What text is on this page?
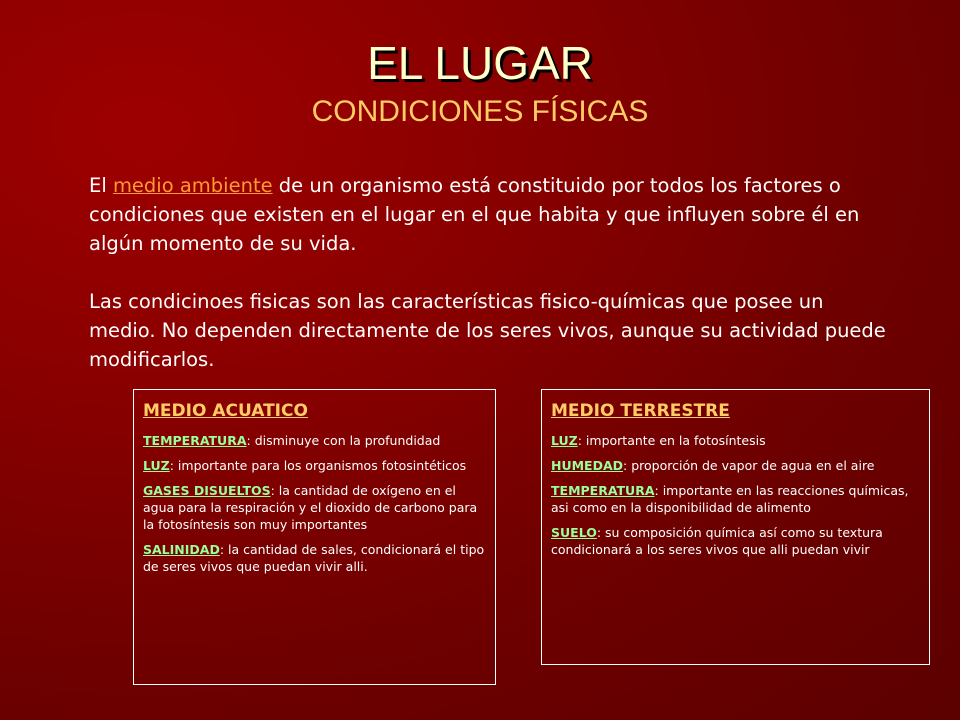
EL LUGAR
CONDICIONES FÍSICAS

El medio ambiente de un organismo está constituido por todos los factores o condiciones que existen en el lugar en el que habita y que influyen sobre él en algún momento de su vida.

Las condicinoes fisicas son las características fisico-químicas que posee un medio. No dependen directamente de los seres vivos, aunque su actividad puede modificarlos.

MEDIO ACUATICO

TEMPERATURA: disminuye con la profundidad

LUZ: importante para los organismos fotosintéticos

GASES DISUELTOS: la cantidad de oxígeno en el agua para la respiración y el dioxido de carbono para la fotosíntesis son muy importantes

SALINIDAD: la cantidad de sales, condicionará el tipo de seres vivos que puedan vivir alli.

MEDIO TERRESTRE

LUZ: importante en la fotosíntesis

HUMEDAD: proporción de vapor de agua en el aire

TEMPERATURA: importante en las reacciones químicas, asi como en la disponibilidad de alimento

SUELO: su composición química así como su textura condicionará a los seres vivos que alli puedan vivir
